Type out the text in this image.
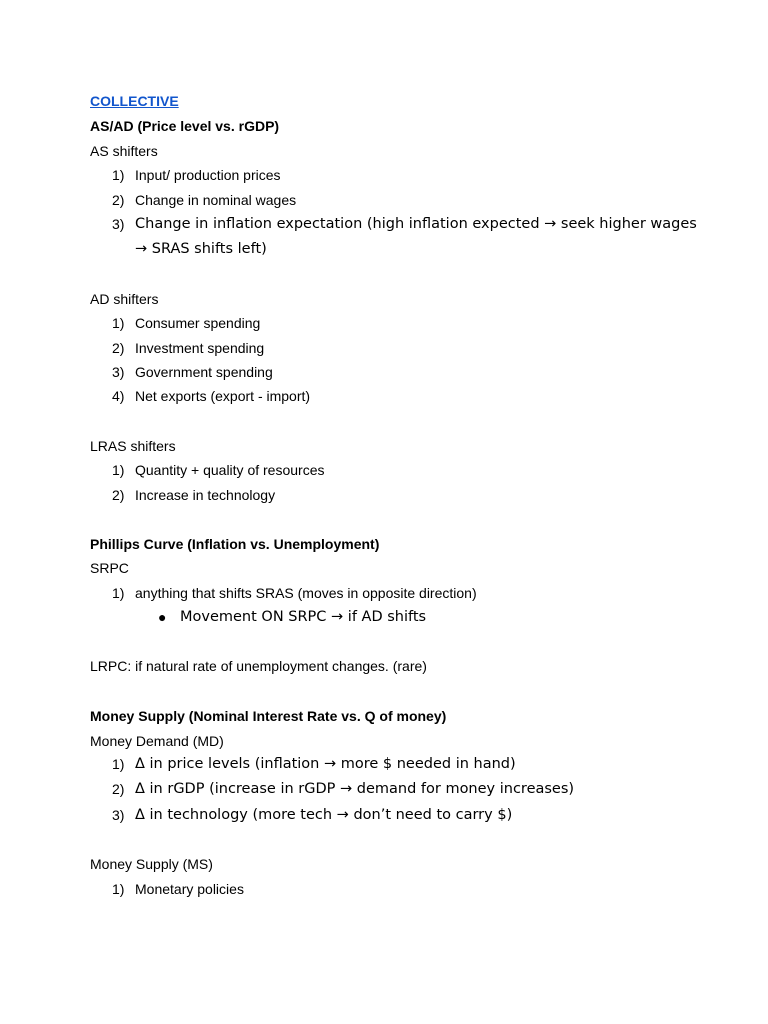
COLLECTIVE
AS/AD (Price level vs. rGDP)
AS shifters
1) Input/ production prices
2) Change in nominal wages
3) Change in inflation expectation (high inflation expected → seek higher wages
→ SRAS shifts left)
AD shifters
1) Consumer spending
2) Investment spending
3) Government spending
4) Net exports (export - import)
LRAS shifters
1) Quantity + quality of resources
2) Increase in technology
Phillips Curve (Inflation vs. Unemployment)
SRPC
1) anything that shifts SRAS (moves in opposite direction)
● Movement ON SRPC → if AD shifts
LRPC: if natural rate of unemployment changes. (rare)
Money Supply (Nominal Interest Rate vs. Q of money)
Money Demand (MD)
1) Δ in price levels (inflation → more $ needed in hand)
2) Δ in rGDP (increase in rGDP → demand for money increases)
3) Δ in technology (more tech → don’t need to carry $)
Money Supply (MS)
1) Monetary policies
